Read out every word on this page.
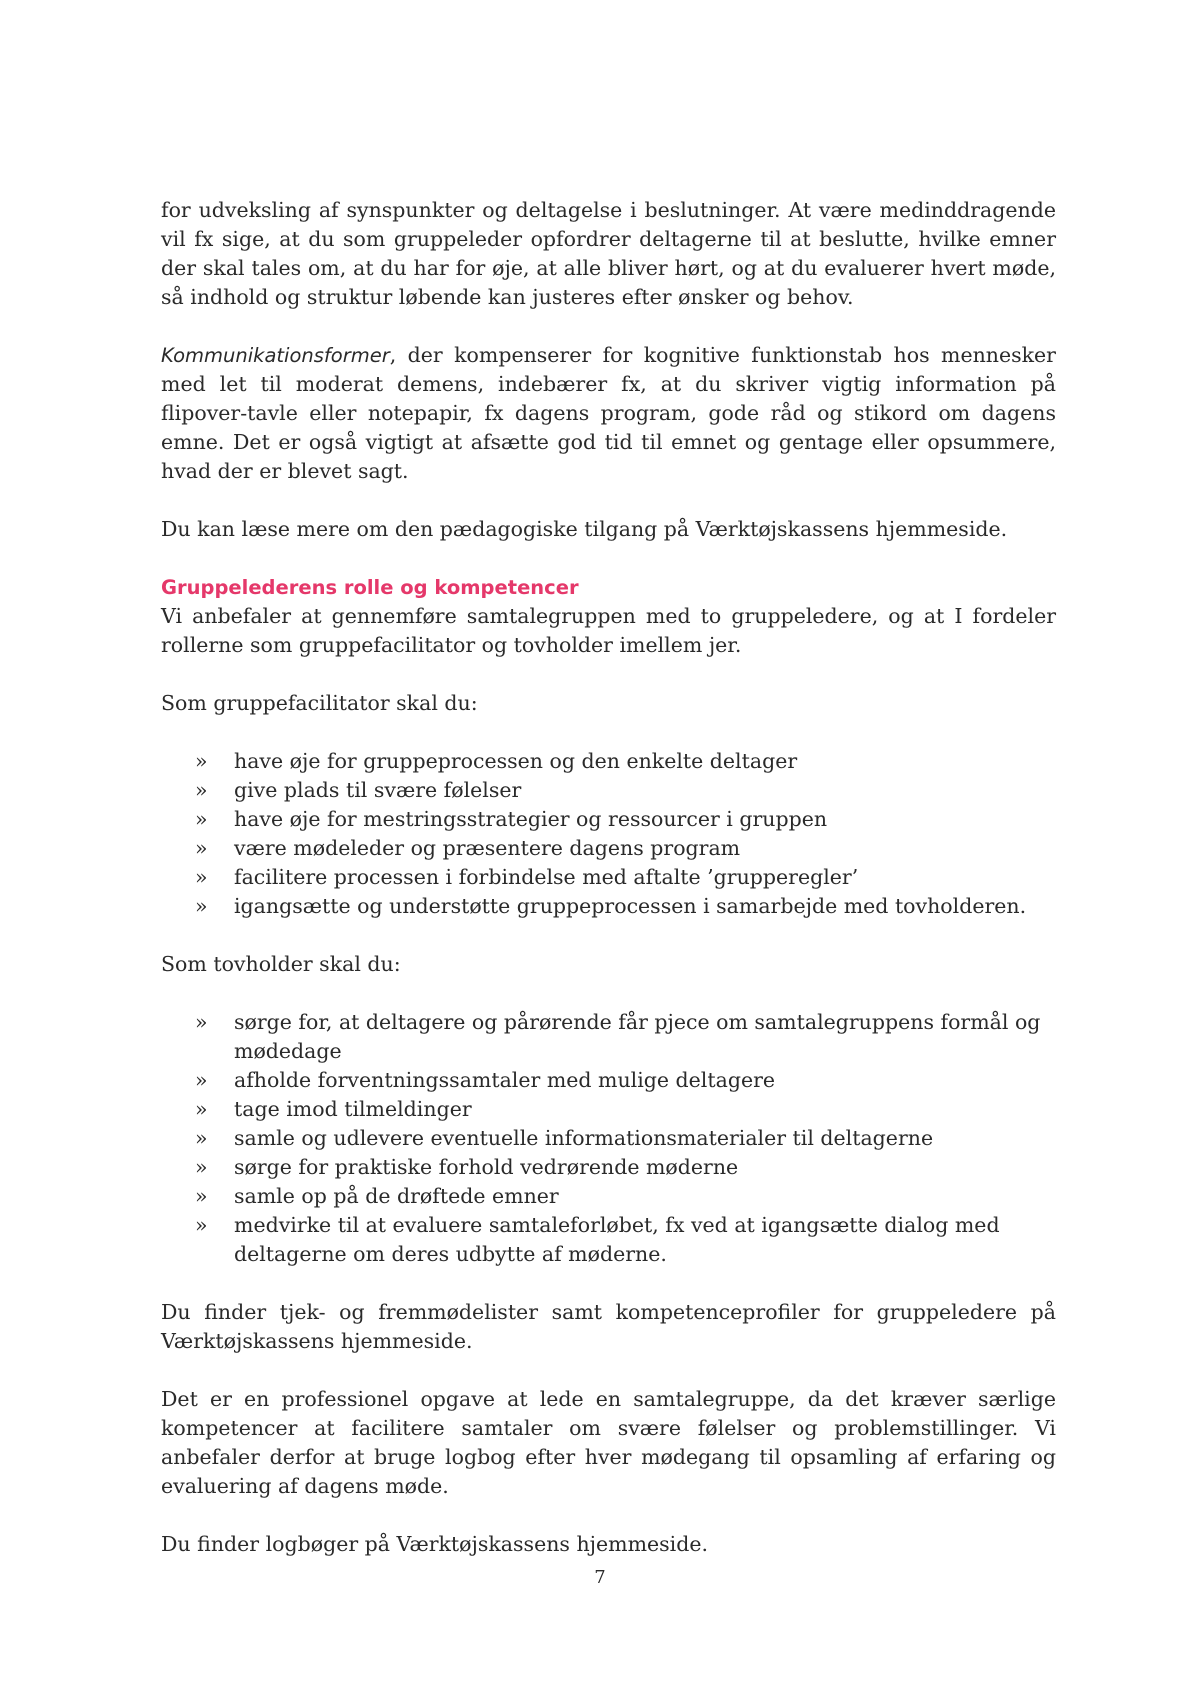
for udveksling af synspunkter og deltagelse i beslutninger. At være medinddragende vil fx sige, at du som gruppeleder opfordrer deltagerne til at beslutte, hvilke emner der skal tales om, at du har for øje, at alle bliver hørt, og at du evaluerer hvert møde, så indhold og struktur løbende kan justeres efter ønsker og behov.

Kommunikationsformer, der kompenserer for kognitive funktionstab hos mennesker med let til moderat demens, indebærer fx, at du skriver vigtig information på flipover-tavle eller notepapir, fx dagens program, gode råd og stikord om dagens emne. Det er også vigtigt at afsætte god tid til emnet og gentage eller opsummere, hvad der er blevet sagt.

Du kan læse mere om den pædagogiske tilgang på Værktøjskassens hjemmeside.

Gruppelederens rolle og kompetencer

Vi anbefaler at gennemføre samtalegruppen med to gruppeledere, og at I fordeler rollerne som gruppefacilitator og tovholder imellem jer.

Som gruppefacilitator skal du:

»	have øje for gruppeprocessen og den enkelte deltager
»	give plads til svære følelser
»	have øje for mestringsstrategier og ressourcer i gruppen
»	være mødeleder og præsentere dagens program
»	facilitere processen i forbindelse med aftalte ’grupperegler’
»	igangsætte og understøtte gruppeprocessen i samarbejde med tovholderen.

Som tovholder skal du:

»	sørge for, at deltagere og pårørende får pjece om samtalegruppens formål og mødedage
»	afholde forventningssamtaler med mulige deltagere
»	tage imod tilmeldinger
»	samle og udlevere eventuelle informationsmaterialer til deltagerne
»	sørge for praktiske forhold vedrørende møderne
»	samle op på de drøftede emner
»	medvirke til at evaluere samtaleforløbet, fx ved at igangsætte dialog med deltagerne om deres udbytte af møderne.

Du finder tjek- og fremmødelister samt kompetenceprofiler for gruppeledere på Værktøjskassens hjemmeside.

Det er en professionel opgave at lede en samtalegruppe, da det kræver særlige kompetencer at facilitere samtaler om svære følelser og problemstillinger. Vi anbefaler derfor at bruge logbog efter hver mødegang til opsamling af erfaring og evaluering af dagens møde.

Du finder logbøger på Værktøjskassens hjemmeside.

7
